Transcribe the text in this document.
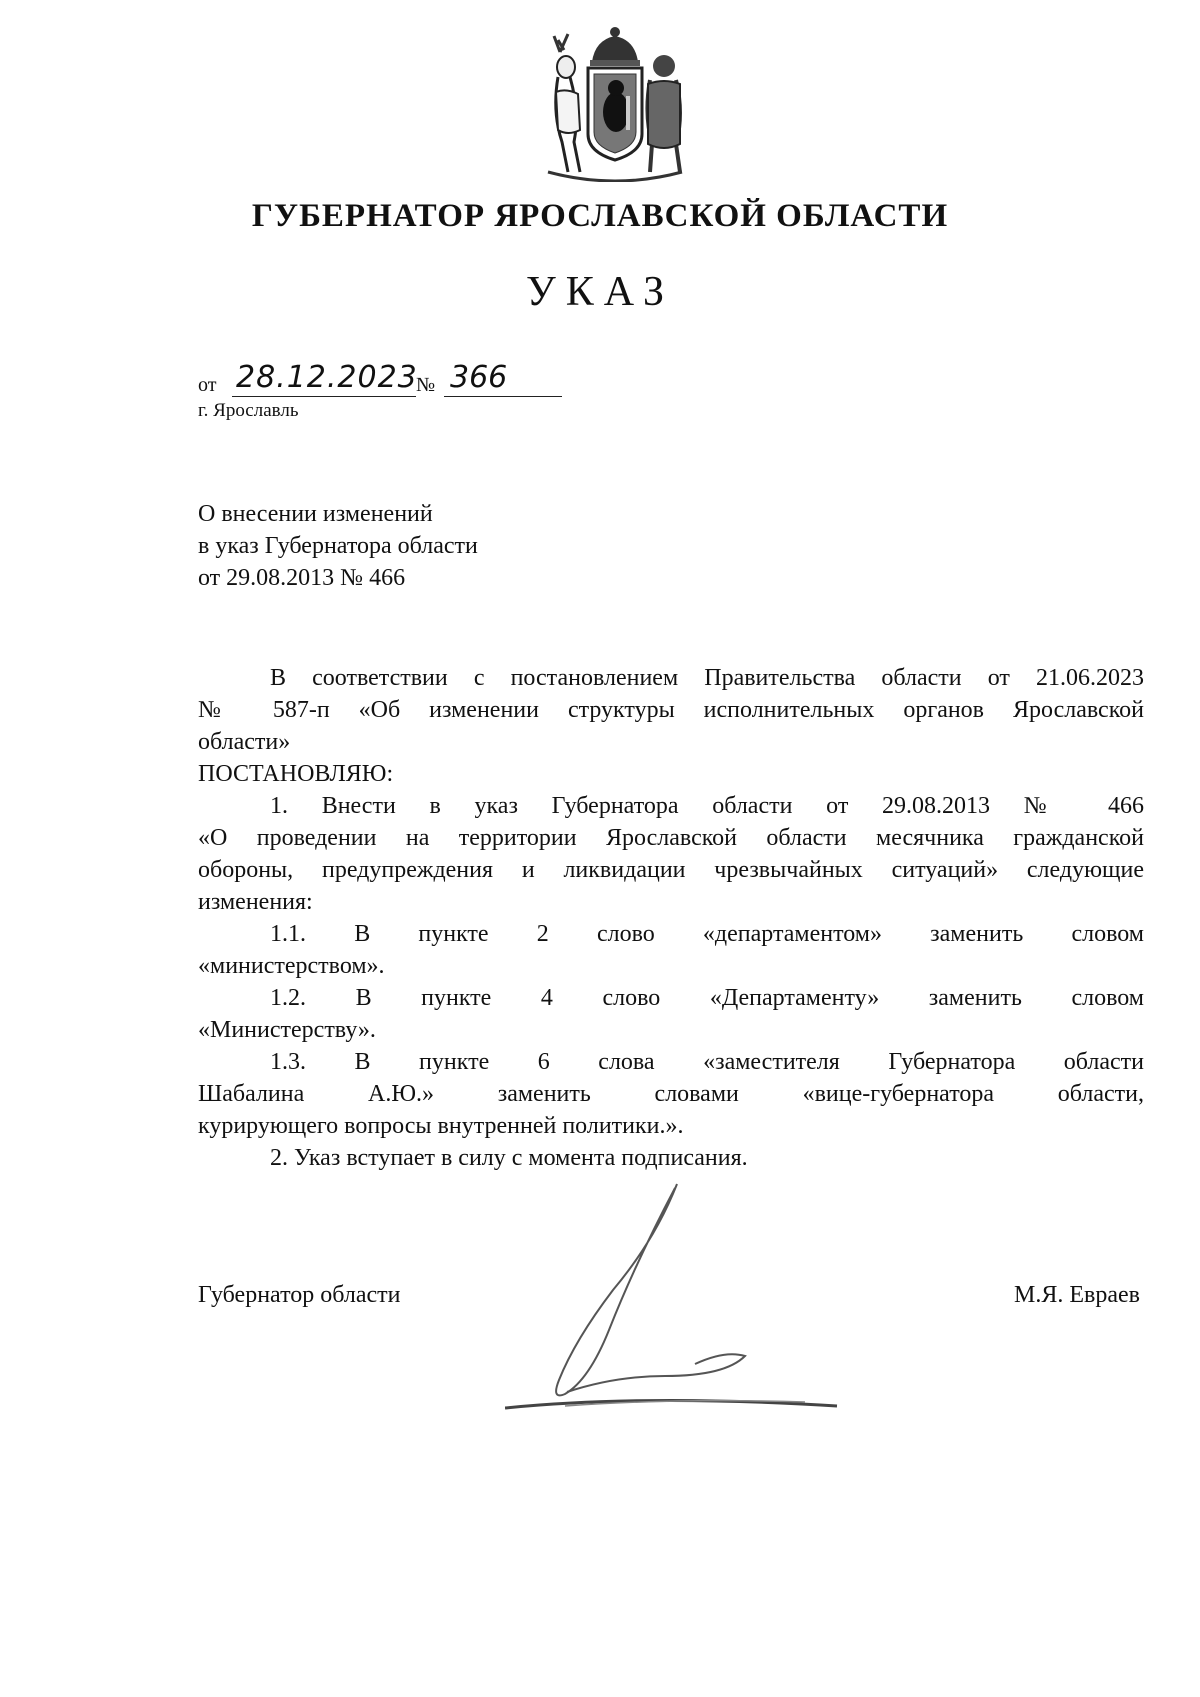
ГУБЕРНАТОР ЯРОСЛАВСКОЙ ОБЛАСТИ
УКАЗ
от 28.12.2023
№ 366
г. Ярославль
О внесении изменений
в указ Губернатора области
от 29.08.2013 № 466
В соответствии с постановлением Правительства области от 21.06.2023
№ 587-п «Об изменении структуры исполнительных органов Ярославской
области»
ПОСТАНОВЛЯЮ:
1. Внести в указ Губернатора области от 29.08.2013 № 466
«О проведении на территории Ярославской области месячника гражданской
обороны, предупреждения и ликвидации чрезвычайных ситуаций» следующие
изменения:
1.1. В пункте 2 слово «департаментом» заменить словом
«министерством».
1.2. В пункте 4 слово «Департаменту» заменить словом
«Министерству».
1.3. В пункте 6 слова «заместителя Губернатора области
Шабалина А.Ю.» заменить словами «вице-губернатора области,
курирующего вопросы внутренней политики.».
2. Указ вступает в силу с момента подписания.
Губернатор области	М.Я. Евраев
